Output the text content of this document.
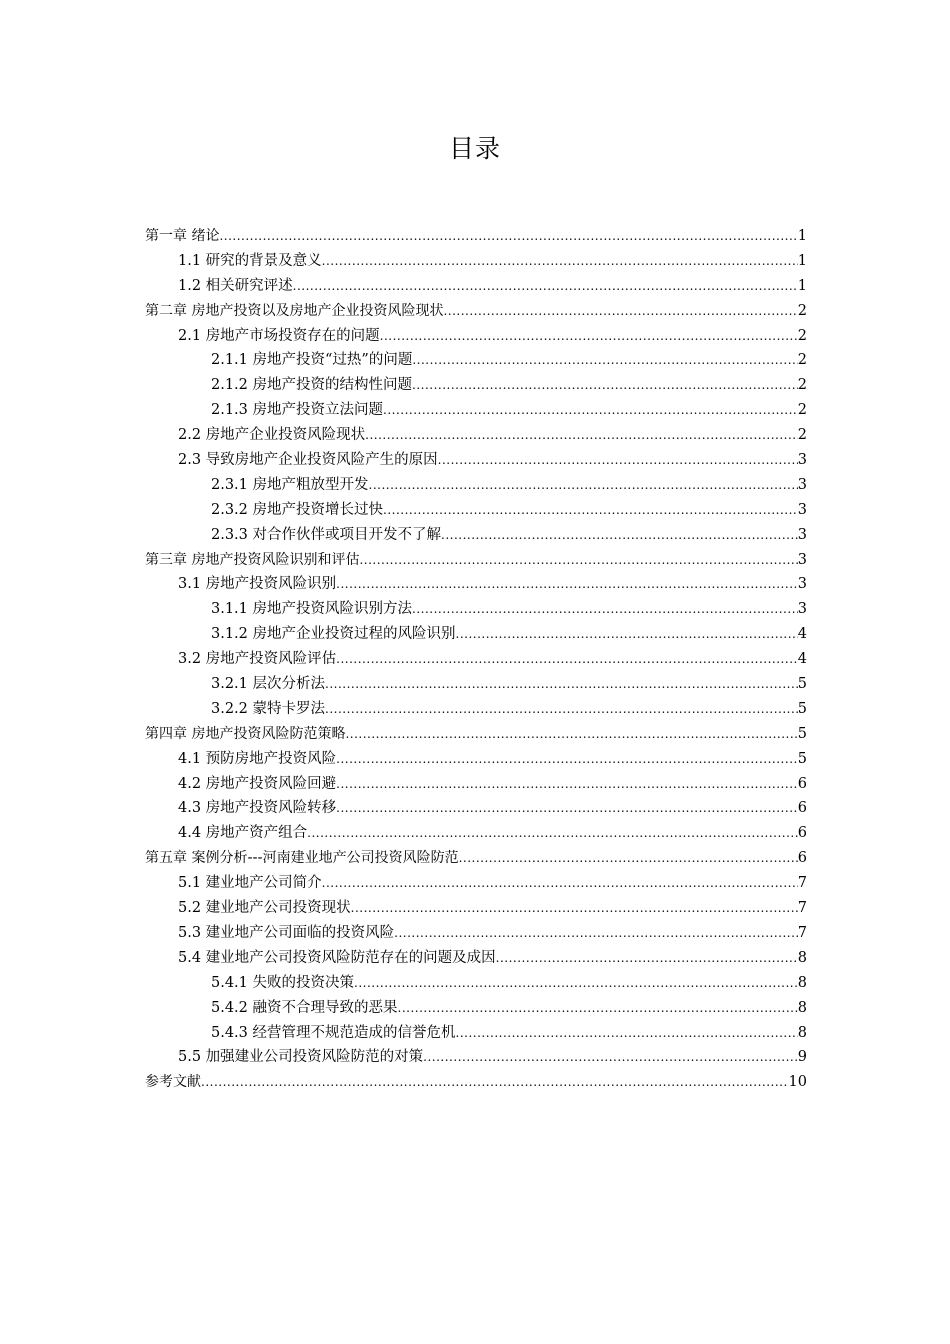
目录
第一章 绪论 .....	1
1.1 研究的背景及意义 .....	1
1.2 相关研究评述 .....	1
第二章 房地产投资以及房地产企业投资风险现状 .....	2
2.1 房地产市场投资存在的问题 .....	2
2.1.1 房地产投资“过热”的问题 .....	2
2.1.2 房地产投资的结构性问题 .....	2
2.1.3 房地产投资立法问题 .....	2
2.2 房地产企业投资风险现状 .....	2
2.3 导致房地产企业投资风险产生的原因 .....	3
2.3.1 房地产粗放型开发 .....	3
2.3.2 房地产投资增长过快 .....	3
2.3.3 对合作伙伴或项目开发不了解 .....	3
第三章 房地产投资风险识别和评估 .....	3
3.1 房地产投资风险识别 .....	3
3.1.1 房地产投资风险识别方法 .....	3
3.1.2 房地产企业投资过程的风险识别 .....	4
3.2 房地产投资风险评估 .....	4
3.2.1 层次分析法 .....	5
3.2.2 蒙特卡罗法 .....	5
第四章 房地产投资风险防范策略 .....	5
4.1 预防房地产投资风险 .....	5
4.2 房地产投资风险回避 .....	6
4.3 房地产投资风险转移 .....	6
4.4 房地产资产组合 .....	6
第五章 案例分析---河南建业地产公司投资风险防范 .....	6
5.1 建业地产公司简介 .....	7
5.2 建业地产公司投资现状 .....	7
5.3 建业地产公司面临的投资风险 .....	7
5.4 建业地产公司投资风险防范存在的问题及成因 .....	8
5.4.1 失败的投资决策 .....	8
5.4.2 融资不合理导致的恶果 .....	8
5.4.3 经营管理不规范造成的信誉危机 .....	8
5.5 加强建业公司投资风险防范的对策 .....	9
参考文献 .....	10
